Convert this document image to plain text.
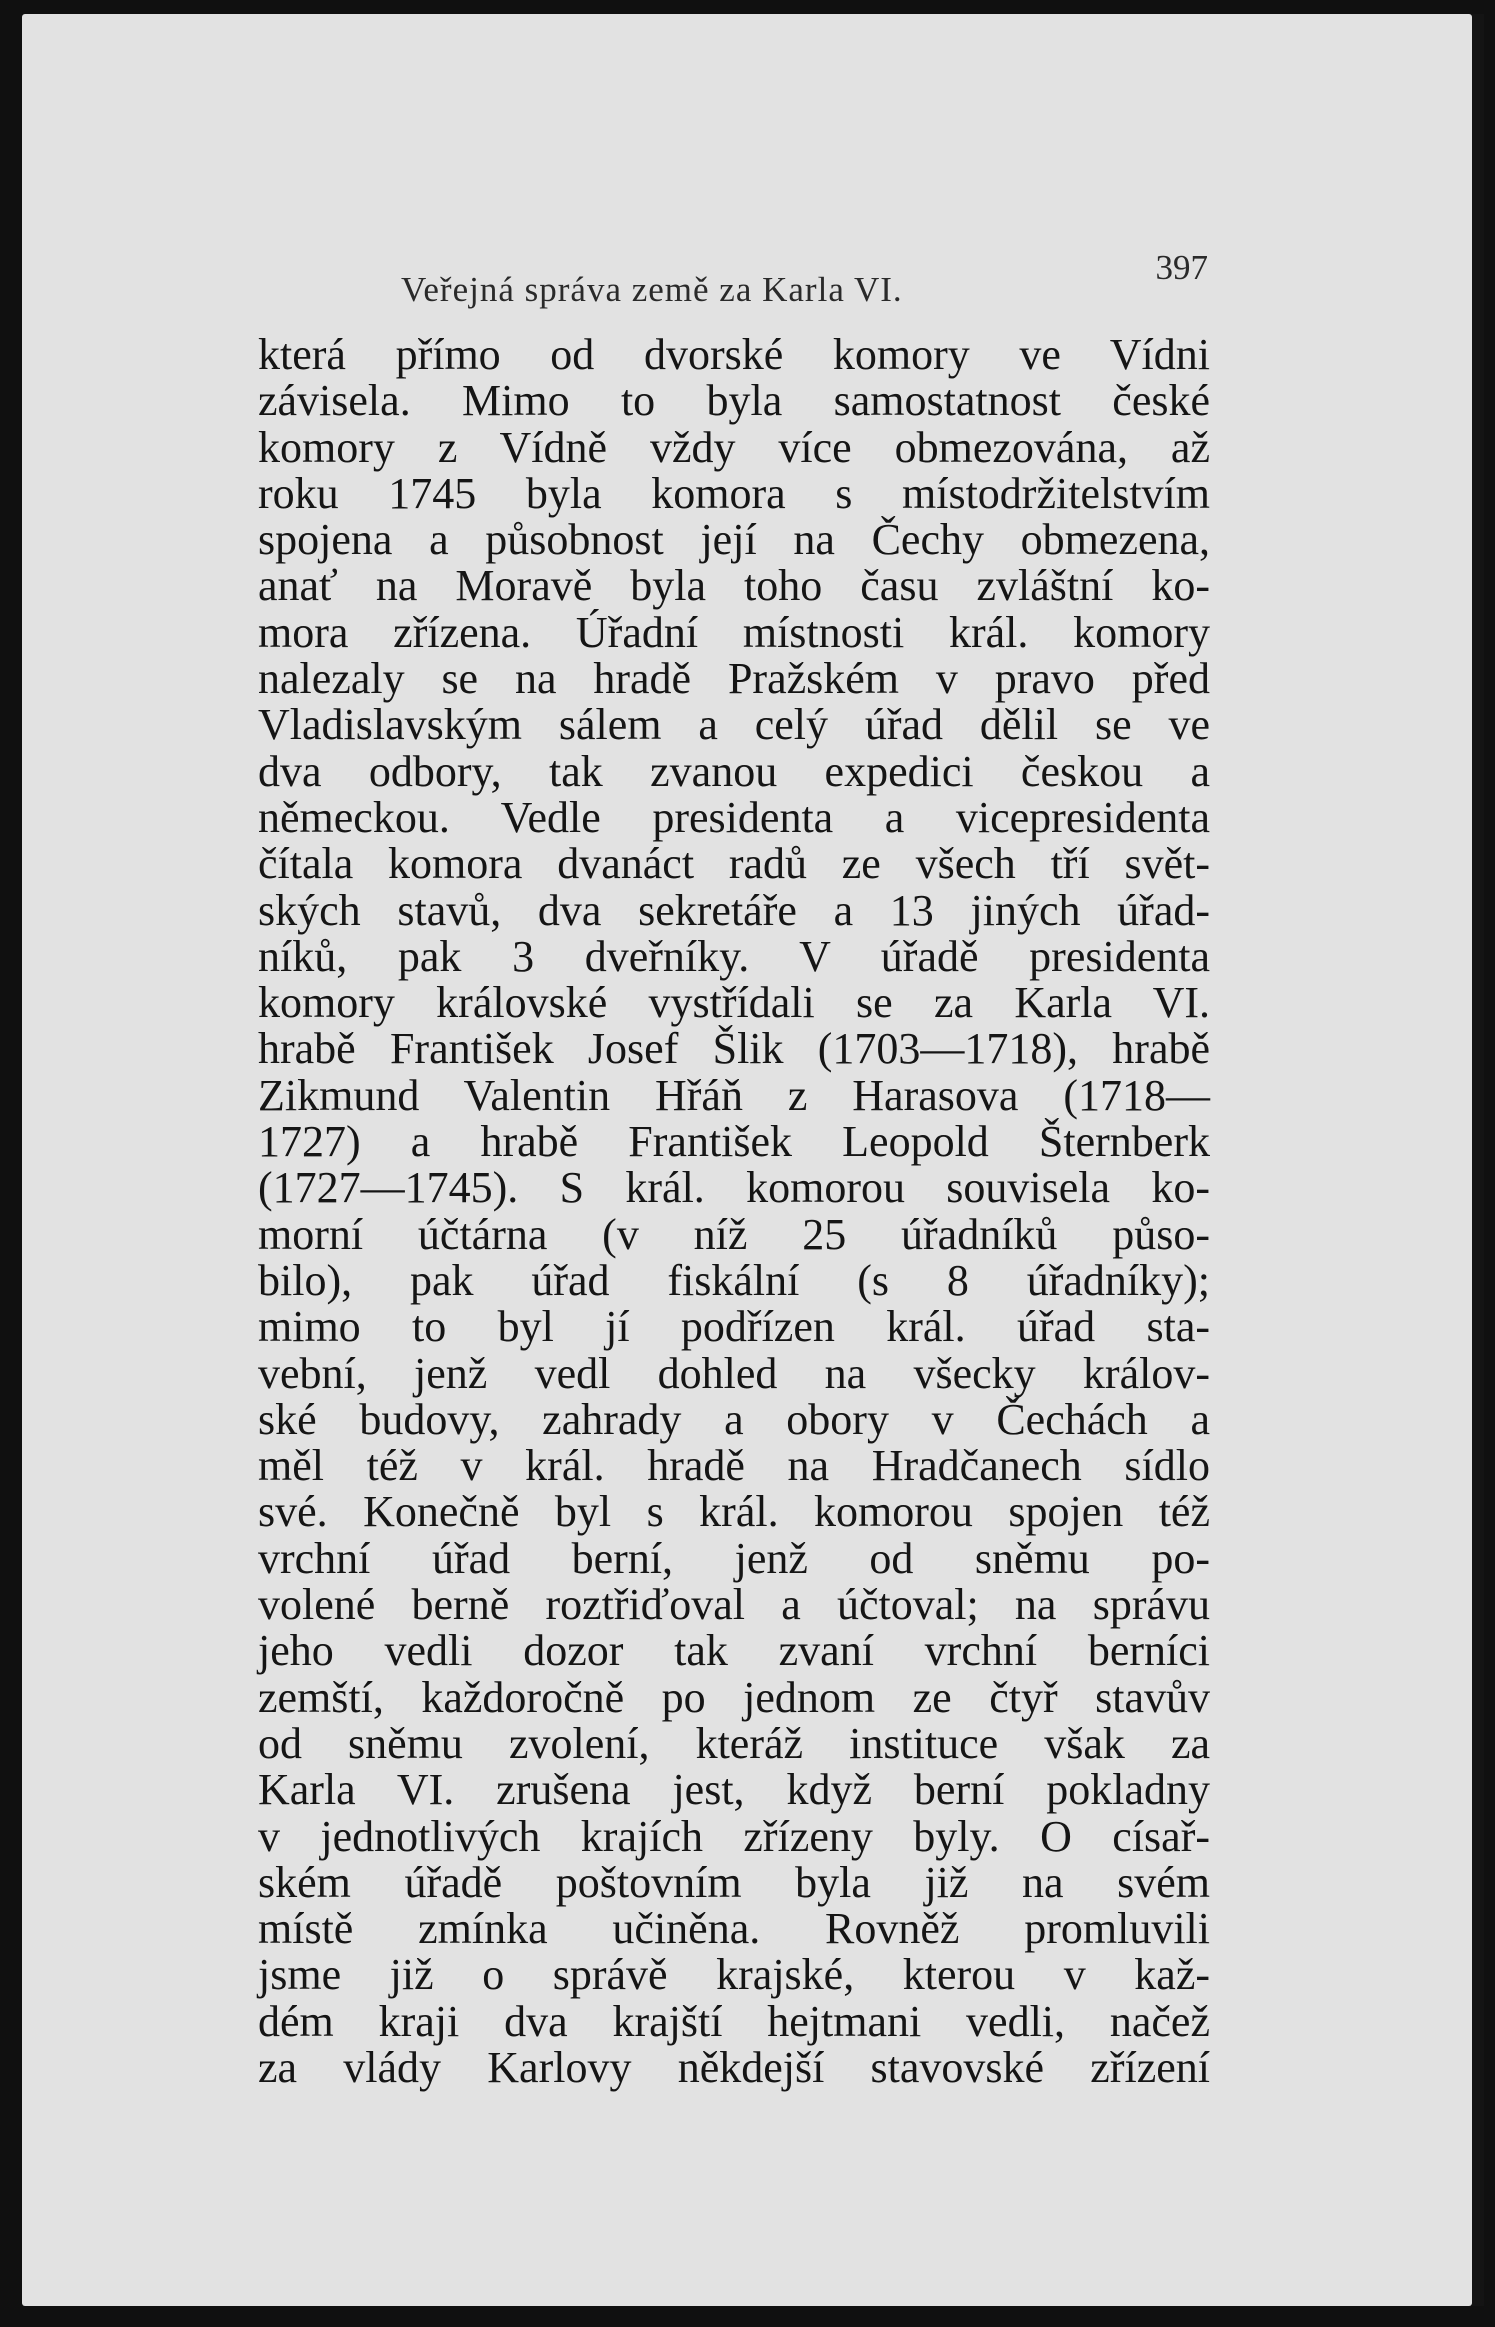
Veřejná správa země za Karla VI.
397
která přímo od dvorské komory ve Vídni
závisela. Mimo to byla samostatnost české
komory z Vídně vždy více obmezována, až
roku 1745 byla komora s místodržitelstvím
spojena a působnost její na Čechy obmezena,
anať na Moravě byla toho času zvláštní ko-
mora zřízena. Úřadní místnosti král. komory
nalezaly se na hradě Pražském v pravo před
Vladislavským sálem a celý úřad dělil se ve
dva odbory, tak zvanou expedici českou a
německou. Vedle presidenta a vicepresidenta
čítala komora dvanáct radů ze všech tří svět-
ských stavů, dva sekretáře a 13 jiných úřad-
níků, pak 3 dveřníky. V úřadě presidenta
komory královské vystřídali se za Karla VI.
hrabě František Josef Šlik (1703—1718), hrabě
Zikmund Valentin Hřáň z Harasova (1718—
1727) a hrabě František Leopold Šternberk
(1727—1745). S král. komorou souvisela ko-
morní účtárna (v níž 25 úřadníků půso-
bilo), pak úřad fiskální (s 8 úřadníky);
mimo to byl jí podřízen král. úřad sta-
vební, jenž vedl dohled na všecky králov-
ské budovy, zahrady a obory v Čechách a
měl též v král. hradě na Hradčanech sídlo
své. Konečně byl s král. komorou spojen též
vrchní úřad berní, jenž od sněmu po-
volené berně roztřiďoval a účtoval; na správu
jeho vedli dozor tak zvaní vrchní berníci
zemští, každoročně po jednom ze čtyř stavův
od sněmu zvolení, kteráž instituce však za
Karla VI. zrušena jest, když berní pokladny
v jednotlivých krajích zřízeny byly. O císař-
ském úřadě poštovním byla již na svém
místě zmínka učiněna. Rovněž promluvili
jsme již o správě krajské, kterou v kaž-
dém kraji dva krajští hejtmani vedli, načež
za vlády Karlovy někdejší stavovské zřízení
